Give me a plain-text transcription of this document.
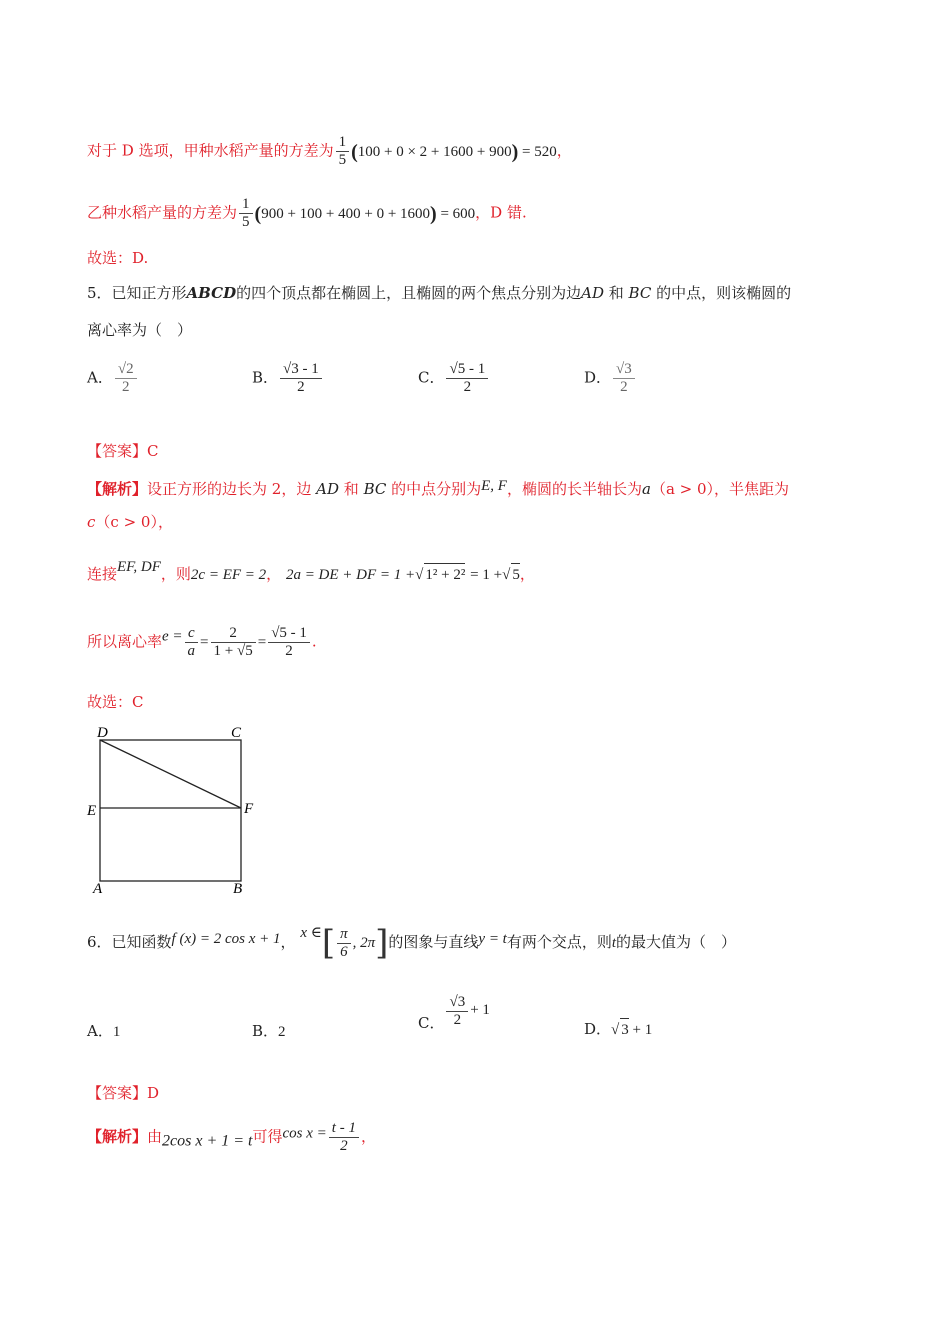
对于 D 选项，甲种水稻产量的方差为 $\frac{1}{5} (100 + 0 \times 2 + 1600 + 900) = 520$，
乙种水稻产量的方差为 $\frac{1}{5} (900 + 100 + 400 + 0 + 1600) = 600$，D 错.
故选：D.
5．已知正方形ABCD的四个顶点都在椭圆上，且椭圆的两个焦点分别为边AD 和 BC 的中点，则该椭圆的
离心率为（　）
A． $\frac{√2}{2}$	B． $\frac{√3 - 1}{2}$	C． $\frac{√5 - 1}{2}$	D． $\frac{√3}{2}$
【答案】C
【解析】设正方形的边长为 2，边 AD 和 BC 的中点分别为E, F，椭圆的长半轴长为a（a > 0），半焦距为
c（c > 0），
连接EF, DF，则2c = EF = 2， 2a = DE + DF = 1 +√ 1² + 2² = 1 +√ 5，
所以离心率$e = \frac{c}{a} = \frac{2}{1 + √5} = \frac{√5 - 1}{2}$ .
故选：C
D	C
E	F
A	B
6．已知函数f (x) = 2 cos x + 1， x ∈[ $\frac{\pi}{6}$ , 2π]的图象与直线y = t有两个交点，则t的最大值为（　）
A．1	B．2	C． $\frac{√3}{2} + 1$
D．√ 3 + 1
【答案】D
【解析】由2cos x + 1 = t可得$\cos x = \frac{t - 1}{2}$ ，
